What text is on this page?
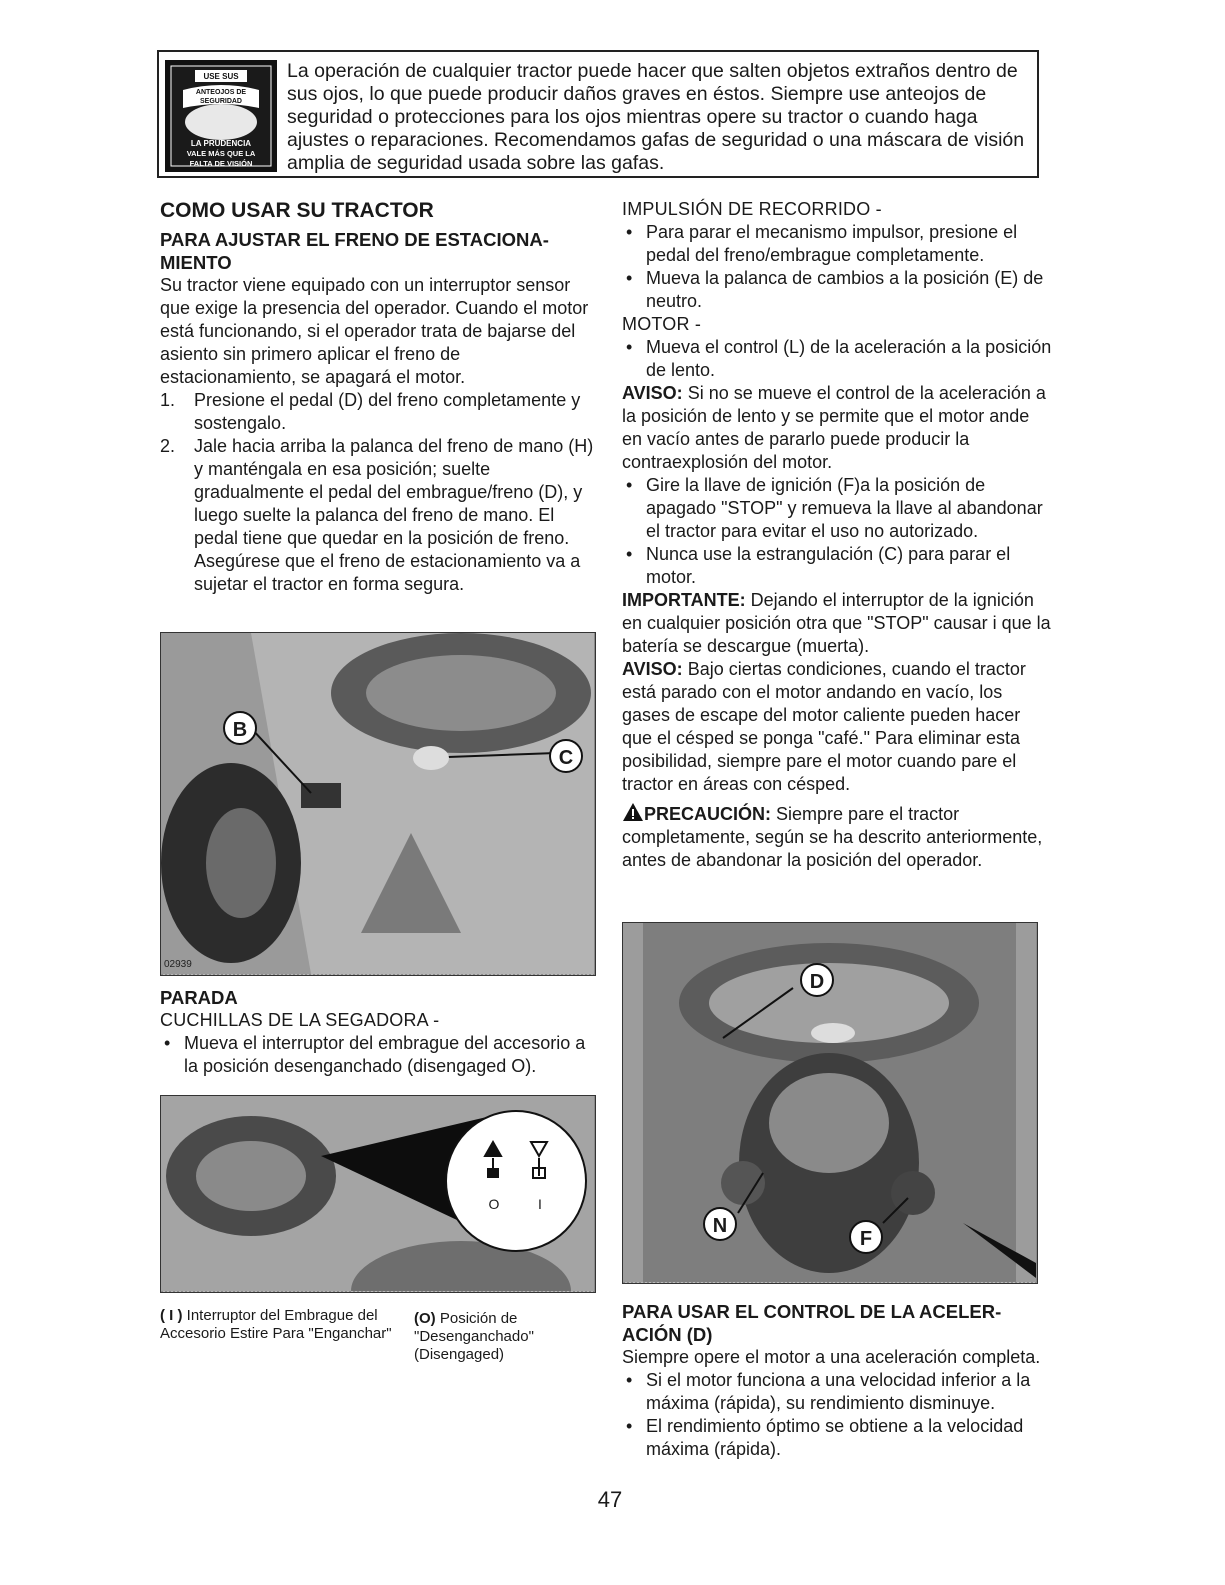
USE SUS
ANTEOJOS DE
SEGURIDAD
LA PRUDENCIA
VALE MÁS QUE LA
FALTA DE VISIÓN
La operación de cualquier tractor puede hacer que salten objetos extraños dentro de sus ojos, lo que puede producir daños graves en éstos. Siempre use anteojos de seguridad o protecciones para los ojos mientras opere su tractor o cuando haga ajustes o reparaciones. Recomendamos gafas de seguridad o una máscara de visión amplia de seguridad usada sobre las gafas.
COMO USAR SU TRACTOR
PARA AJUSTAR EL FRENO DE ESTACIONA-MIENTO

Su tractor viene equipado con un interruptor sensor que exige la presencia del operador. Cuando el motor está funcionando, si el operador trata de bajarse del asiento sin primero aplicar el freno de estacionamiento, se apagará el motor.

1.	Presione el pedal (D) del freno completamente y sostengalo.
2.	Jale hacia arriba la palanca del freno de mano (H) y manténgala en esa posición; suelte gradualmente el pedal del embrague/freno (D), y luego suelte la palanca del freno de mano. El pedal tiene que quedar en la posición de freno. Asegúrese que el freno de estacionamiento va a sujetar el tractor en forma segura.
B
C
02939
PARADA
CUCHILLAS DE LA SEGADORA -
• Mueva el interruptor del embrague del accesorio a la posición desenganchado (disengaged O).
O	I
( I ) Interruptor del Embrague del Accesorio Estire Para "Enganchar"
(O) Posición de "Desenganchado" (Disengaged)
IMPULSIÓN DE RECORRIDO -
• Para parar el mecanismo impulsor, presione el pedal del freno/embrague completamente.
• Mueva la palanca de cambios a la posición (E) de neutro.
MOTOR -
• Mueva el control (L) de la aceleración a la posición de lento.

AVISO: Si no se mueve el control de la aceleración a la posición de lento y se permite que el motor ande en vacío antes de pararlo puede producir la contraexplosión del motor.

• Gire la llave de ignición (F)a la posición de apagado "STOP" y remueva la llave al abandonar el tractor para evitar el uso no autorizado.
• Nunca use la estrangulación (C) para parar el motor.

IMPORTANTE: Dejando el interruptor de la ignición en cualquier posición otra que "STOP" causar i que la batería se descargue (muerta).

AVISO: Bajo ciertas condiciones, cuando el tractor está parado con el motor andando en vacío, los gases de escape del motor caliente pueden hacer que el césped se ponga "café." Para eliminar esta posibilidad, siempre pare el motor cuando pare el tractor en áreas con césped.

PRECAUCIÓN: Siempre pare el tractor completamente, según se ha descrito anteriormente, antes de abandonar la posición del operador.

D
N
F
PARA USAR EL CONTROL DE LA ACELER-ACIÓN (D)

Siempre opere el motor a una aceleración completa.

• Si el motor funciona a una velocidad inferior a la máxima (rápida), su rendimiento disminuye.
• El rendimiento óptimo se obtiene a la velocidad máxima (rápida).
47
